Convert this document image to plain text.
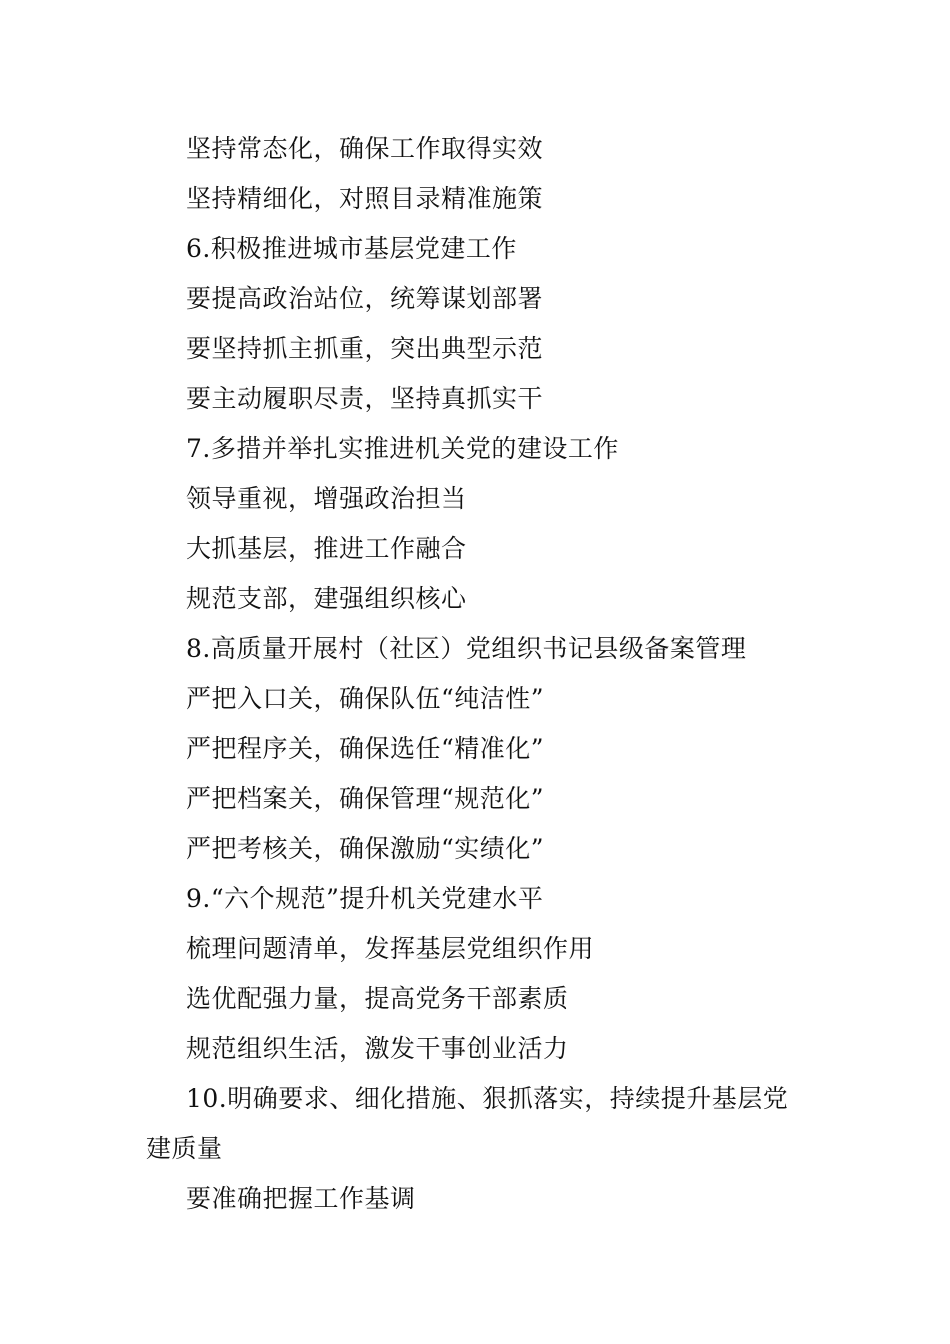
坚持常态化，确保工作取得实效
坚持精细化，对照目录精准施策
6.积极推进城市基层党建工作
要提高政治站位，统筹谋划部署
要坚持抓主抓重，突出典型示范
要主动履职尽责，坚持真抓实干
7.多措并举扎实推进机关党的建设工作
领导重视，增强政治担当
大抓基层，推进工作融合
规范支部，建强组织核心
8.高质量开展村（社区）党组织书记县级备案管理
严把入口关，确保队伍“纯洁性”
严把程序关，确保选任“精准化”
严把档案关，确保管理“规范化”
严把考核关，确保激励“实绩化”
9.“六个规范”提升机关党建水平
梳理问题清单，发挥基层党组织作用
选优配强力量，提高党务干部素质
规范组织生活，激发干事创业活力
10.明确要求、细化措施、狠抓落实，持续提升基层党
建质量
要准确把握工作基调
